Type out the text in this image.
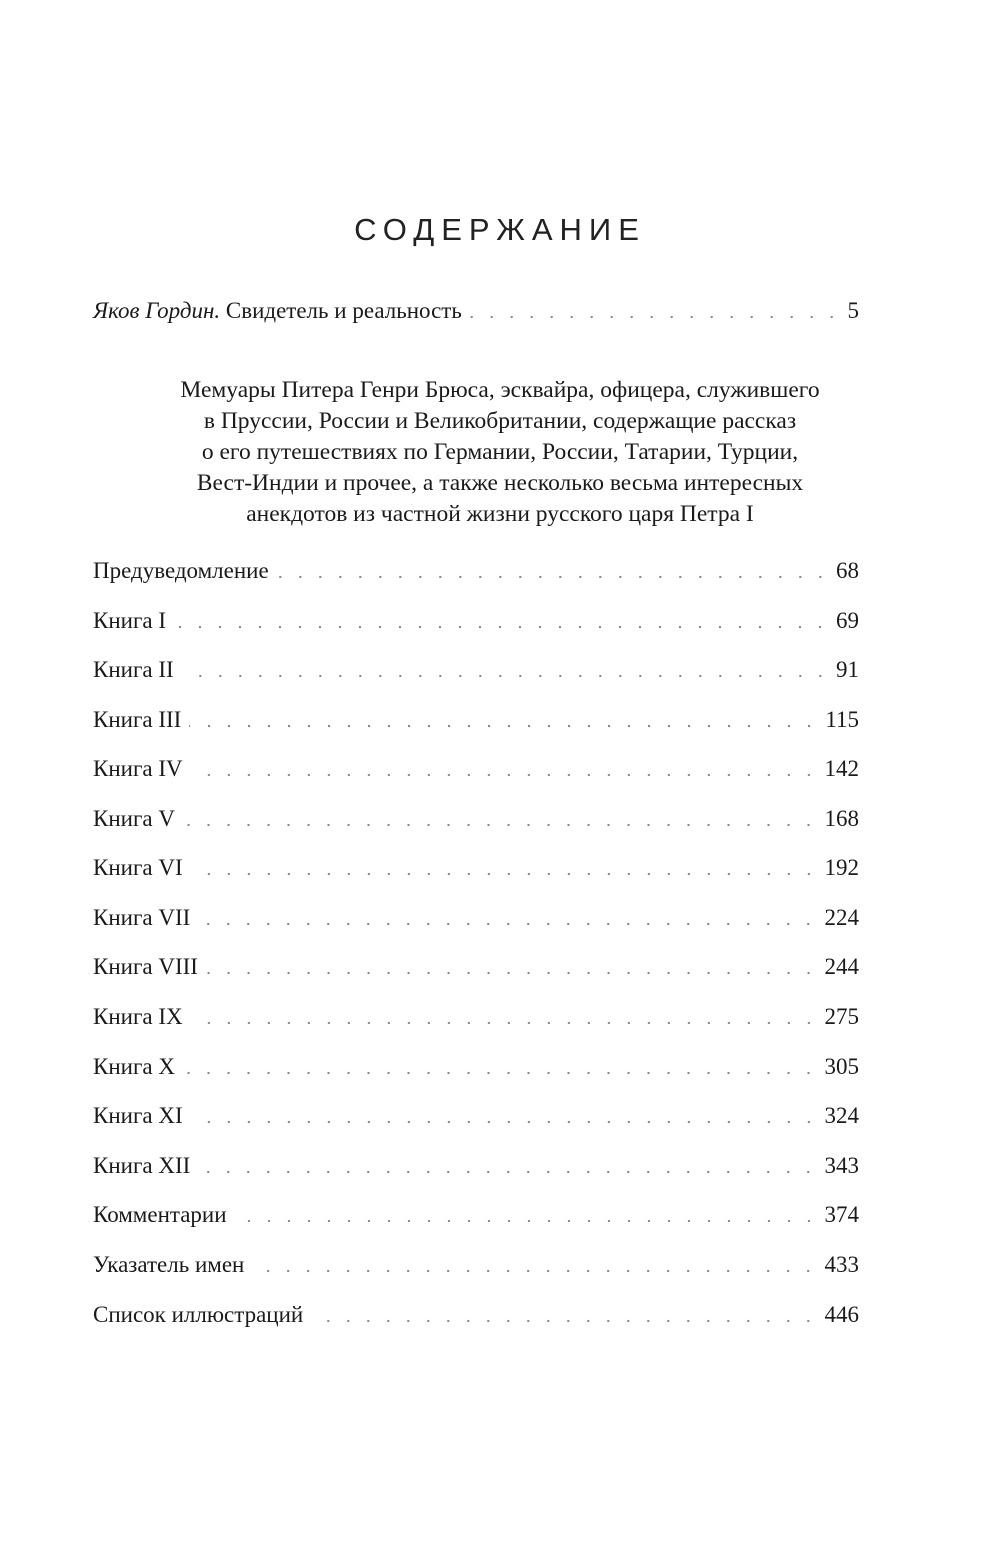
СОДЕРЖАНИЕ
Яков Гордин. Свидетель и реальность	5
Мемуары Питера Генри Брюса, эсквайра, офицера, служившего
в Пруссии, России и Великобритании, содержащие рассказ
о его путешествиях по Германии, России, Татарии, Турции,
Вест-Индии и прочее, а также несколько весьма интересных
анекдотов из частной жизни русского царя Петра I
Предуведомление	68
Книга I	69
Книга II	91
Книга III	115
Книга IV	142
Книга V	168
Книга VI	192
Книга VII	224
Книга VIII	244
Книга IX	275
Книга X	305
Книга XI	324
Книга XII	343
Комментарии	374
Указатель имен	433
Список иллюстраций	446
